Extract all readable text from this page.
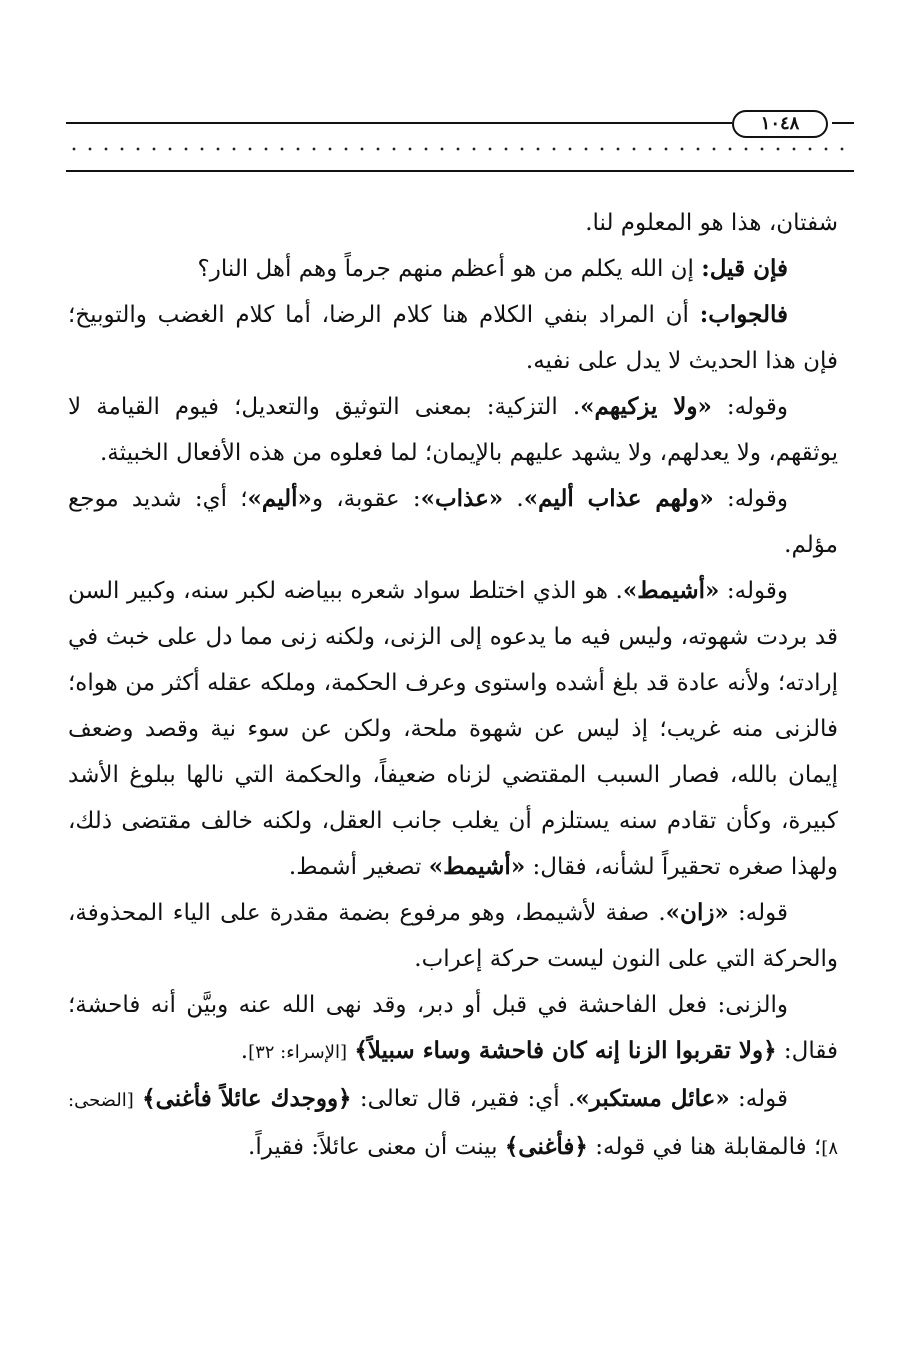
١٠٤٨

شفتان، هذا هو المعلوم لنا.

فإن قيل: إن الله يكلم من هو أعظم منهم جرماً وهم أهل النار؟

فالجواب: أن المراد بنفي الكلام هنا كلام الرضا، أما كلام الغضب والتوبيخ؛ فإن هذا الحديث لا يدل على نفيه.

وقوله: «ولا يزكيهم». التزكية: بمعنى التوثيق والتعديل؛ فيوم القيامة لا يوثقهم، ولا يعدلهم، ولا يشهد عليهم بالإيمان؛ لما فعلوه من هذه الأفعال الخبيثة.

وقوله: «ولهم عذاب أليم». «عذاب»: عقوبة، و«أليم»؛ أي: شديد موجع مؤلم.

وقوله: «أشيمط». هو الذي اختلط سواد شعره ببياضه لكبر سنه، وكبير السن قد بردت شهوته، وليس فيه ما يدعوه إلى الزنى، ولكنه زنى مما دل على خبث في إرادته؛ ولأنه عادة قد بلغ أشده واستوى وعرف الحكمة، وملكه عقله أكثر من هواه؛ فالزنى منه غريب؛ إذ ليس عن شهوة ملحة، ولكن عن سوء نية وقصد وضعف إيمان بالله، فصار السبب المقتضي لزناه ضعيفاً، والحكمة التي نالها ببلوغ الأشد كبيرة، وكأن تقادم سنه يستلزم أن يغلب جانب العقل، ولكنه خالف مقتضى ذلك، ولهذا صغره تحقيراً لشأنه، فقال: «أشيمط» تصغير أشمط.

قوله: «زان». صفة لأشيمط، وهو مرفوع بضمة مقدرة على الياء المحذوفة، والحركة التي على النون ليست حركة إعراب.

والزنى: فعل الفاحشة في قبل أو دبر، وقد نهى الله عنه وبيَّن أنه فاحشة؛ فقال: ﴿ولا تقربوا الزنا إنه كان فاحشة وساء سبيلاً﴾ [الإسراء: ٣٢].

قوله: «عائل مستكبر». أي: فقير، قال تعالى: ﴿ووجدك عائلاً فأغنى﴾ [الضحى: ٨]؛ فالمقابلة هنا في قوله: ﴿فأغنى﴾ بينت أن معنى عائلاً: فقيراً.
